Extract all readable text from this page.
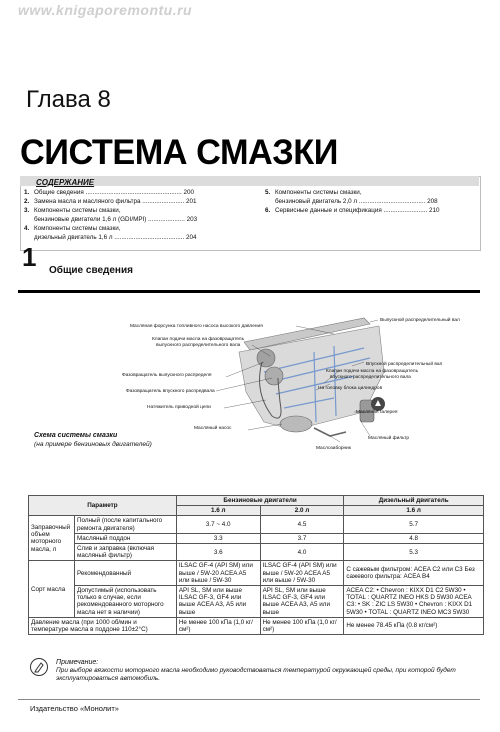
www.knigaporemontu.ru
Глава 8
СИСТЕМА СМАЗКИ
СОДЕРЖАНИЕ
1. Общие сведения ....................................................... 200
2. Замена масла и масляного фильтра ........................ 201
3. Компоненты системы смазки,
бензиновые двигатели 1,6 л (GDI/MPI) ..................... 203
4. Компоненты системы смазки,
дизельный двигатель 1,6 л ........................................ 204
5. Компоненты системы смазки,
бензиновый двигатель 2,0 л ...................................... 208
6. Сервисные данные и спецификация ......................... 210
1 Общие сведения
Выпускной распределительный вал
Масляная форсунка топливного насоса высокого давления
Клапан подачи масла на фазовращатель выпускного распределительного вала
Впускной распределительный вал
Клапан подачи масла на фазовращатель впускного распределительного вала
Фазовращатель выпускного распределя
На головку блока цилиндров
Фазовращатель впускного распредвала
Натяжитель приводной цепи
Масляная галерея
Масляный насос
Масляный фильтр
Маслозаборник
Схема системы смазки
(на примере бензиновых двигателей)
Параметр		Бензиновые двигатели		Дизельный двигатель
		1.6 л	2.0 л	1.6 л
Заправочный объем моторного масла, л	Полный (после капитального ремонта двигателя)	3.7 ~ 4.0	4.5	5.7
	Масляный поддон	3.3	3.7	4.8
	Слив и заправка (включая масляный фильтр)	3.6	4.0	5.3
Сорт масла	Рекомендованный	ILSAC GF-4 (API SM) или выше / 5W-20 ACEA A5 или выше / 5W-30	ILSAC GF-4 (API SM) или выше / 5W-20 ACEA A5 или выше / 5W-30	С сажевым фильтром: ACEA C2 или C3 Без сажевого фильтра: ACEA B4
	Допустимый (использовать только в случае, если рекомендованного моторного масла нет в наличии)	API SL, SM или выше ILSAC GF-3, GF4 или выше ACEA A3, A5 или выше	API SL, SM или выше ILSAC GF-3, GF4 или выше ACEA A3, A5 или выше	ACEA C2: • Chevron : KIXX D1 C2 5W30 • TOTAL : QUARTZ INEO HKS D 5W30 ACEA C3: • SK : ZIC LS 5W30 • Chevron : KIXX D1 5W30 • TOTAL : QUARTZ INEO MC3 5W30
Давление масла (при 1000 об/мин и температуре масла в поддоне 110±2°C)		Не менее 100 кПа (1,0 кг/см²)	Не менее 100 кПа (1,0 кг/см²)	Не менее 78.45 кПа (0.8 кг/см²)
Примечание:
При выборе вязкости моторного масла необходимо руководствоваться температурой окружающей среды, при которой будет эксплуатироваться автомобиль.
Издательство «Монолит»
